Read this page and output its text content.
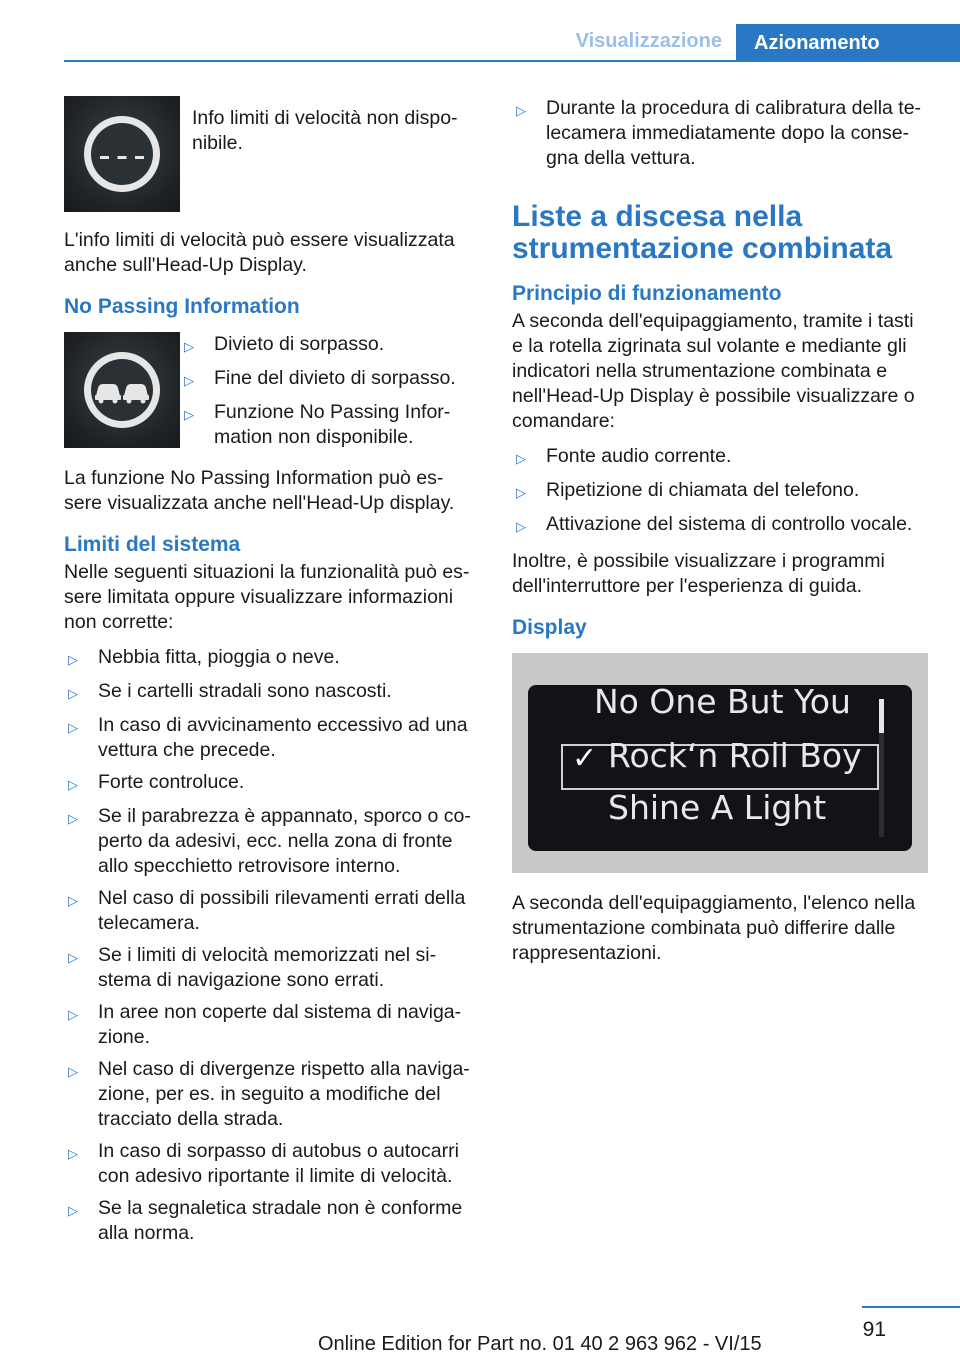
Visualizzazione	Azionamento
Info limiti di velocità non dispo-nibile.

L'info limiti di velocità può essere visualizzata anche sull'Head-Up Display.

No Passing Information
▷	Divieto di sorpasso.
▷	Fine del divieto di sorpasso.
▷	Funzione No Passing Infor-mation non disponibile.

La funzione No Passing Information può es-sere visualizzata anche nell'Head-Up display.

Limiti del sistema

Nelle seguenti situazioni la funzionalità può es-sere limitata oppure visualizzare informazioni non corrette:

▷	Nebbia fitta, pioggia o neve.
▷	Se i cartelli stradali sono nascosti.
▷	In caso di avvicinamento eccessivo ad una vettura che precede.
▷	Forte controluce.
▷	Se il parabrezza è appannato, sporco o co-perto da adesivi, ecc. nella zona di fronte allo specchietto retrovisore interno.
▷	Nel caso di possibili rilevamenti errati della telecamera.
▷	Se i limiti di velocità memorizzati nel si-stema di navigazione sono errati.
▷	In aree non coperte dal sistema di naviga-zione.
▷	Nel caso di divergenze rispetto alla naviga-zione, per es. in seguito a modifiche del tracciato della strada.
▷	In caso di sorpasso di autobus o autocarri con adesivo riportante il limite di velocità.
▷	Se la segnaletica stradale non è conforme alla norma.
▷	Durante la procedura di calibratura della te-lecamera immediatamente dopo la conse-gna della vettura.
Liste a discesa nella strumentazione combinata
Principio di funzionamento

A seconda dell'equipaggiamento, tramite i tasti e la rotella zigrinata sul volante e mediante gli indicatori nella strumentazione combinata e nell'Head-Up Display è possibile visualizzare o comandare:

▷	Fonte audio corrente.
▷	Ripetizione di chiamata del telefono.
▷	Attivazione del sistema di controllo vocale.

Inoltre, è possibile visualizzare i programmi dell'interruttore per l'esperienza di guida.

Display
No One But You
✓ Rock‘n Roll Boy
Shine A Light

A seconda dell'equipaggiamento, l'elenco nella strumentazione combinata può differire dalle rappresentazioni.

91
Online Edition for Part no. 01 40 2 963 962 - VI/15
